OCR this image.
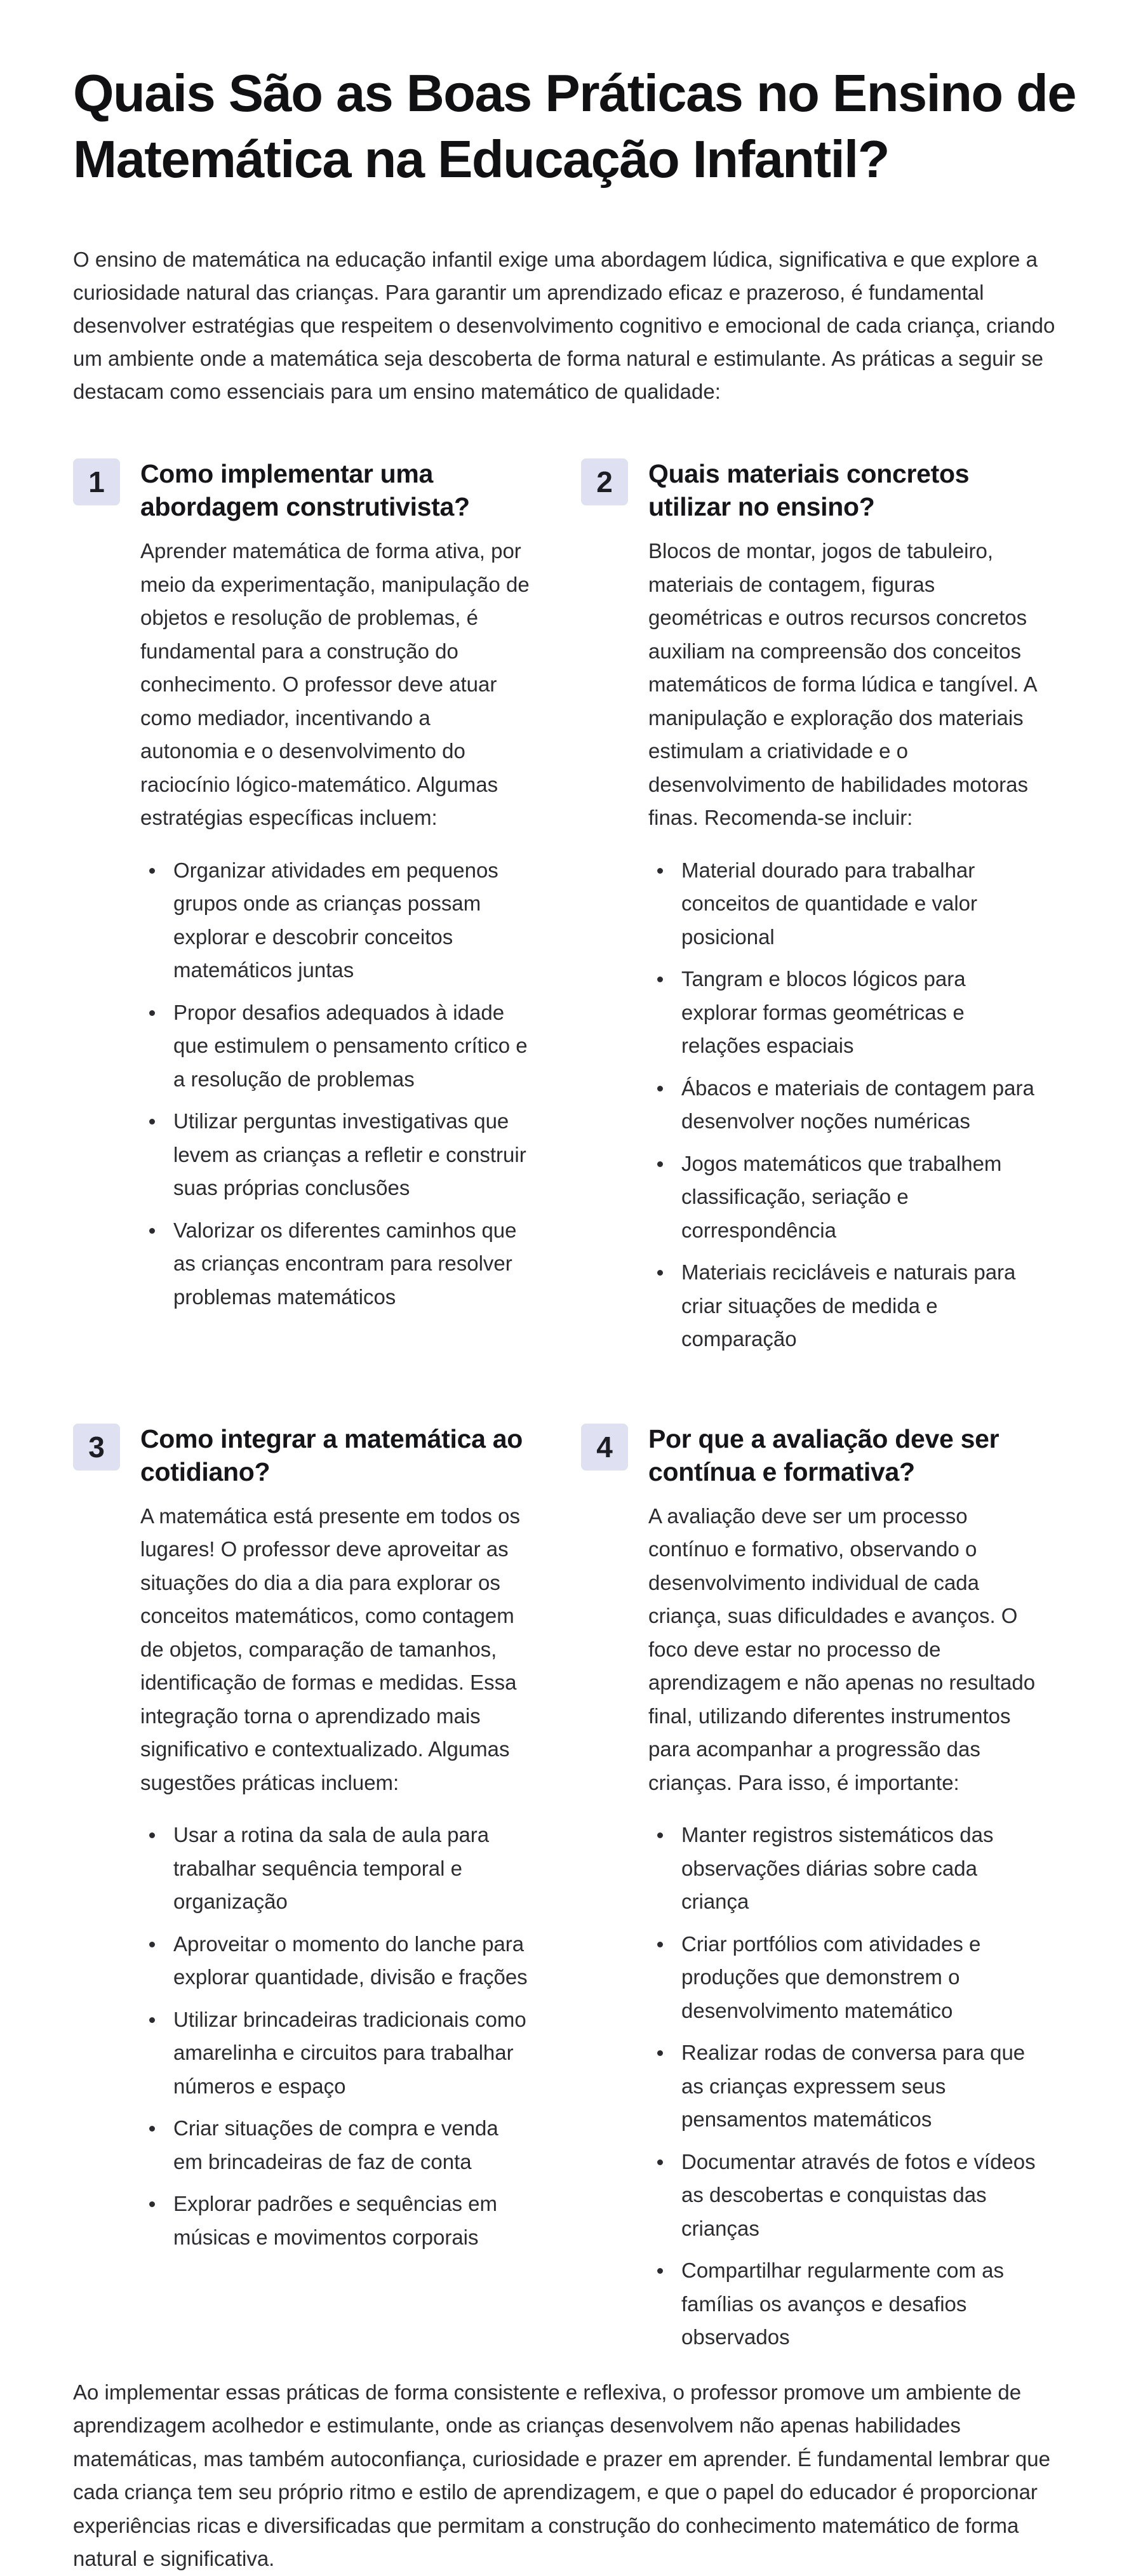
Quais São as Boas Práticas no Ensino de Matemática na Educação Infantil?

O ensino de matemática na educação infantil exige uma abordagem lúdica, significativa e que explore a curiosidade natural das crianças. Para garantir um aprendizado eficaz e prazeroso, é fundamental desenvolver estratégias que respeitem o desenvolvimento cognitivo e emocional de cada criança, criando um ambiente onde a matemática seja descoberta de forma natural e estimulante. As práticas a seguir se destacam como essenciais para um ensino matemático de qualidade:

1	Como implementar uma abordagem construtivista?

Aprender matemática de forma ativa, por meio da experimentação, manipulação de objetos e resolução de problemas, é fundamental para a construção do conhecimento. O professor deve atuar como mediador, incentivando a autonomia e o desenvolvimento do raciocínio lógico-matemático. Algumas estratégias específicas incluem:

Organizar atividades em pequenos grupos onde as crianças possam explorar e descobrir conceitos matemáticos juntas
Propor desafios adequados à idade que estimulem o pensamento crítico e a resolução de problemas
Utilizar perguntas investigativas que levem as crianças a refletir e construir suas próprias conclusões
Valorizar os diferentes caminhos que as crianças encontram para resolver problemas matemáticos
2	Quais materiais concretos utilizar no ensino?

Blocos de montar, jogos de tabuleiro, materiais de contagem, figuras geométricas e outros recursos concretos auxiliam na compreensão dos conceitos matemáticos de forma lúdica e tangível. A manipulação e exploração dos materiais estimulam a criatividade e o desenvolvimento de habilidades motoras finas. Recomenda-se incluir:

Material dourado para trabalhar conceitos de quantidade e valor posicional
Tangram e blocos lógicos para explorar formas geométricas e relações espaciais
Ábacos e materiais de contagem para desenvolver noções numéricas
Jogos matemáticos que trabalhem classificação, seriação e correspondência
Materiais recicláveis e naturais para criar situações de medida e comparação
3	Como integrar a matemática ao cotidiano?

A matemática está presente em todos os lugares! O professor deve aproveitar as situações do dia a dia para explorar os conceitos matemáticos, como contagem de objetos, comparação de tamanhos, identificação de formas e medidas. Essa integração torna o aprendizado mais significativo e contextualizado. Algumas sugestões práticas incluem:

Usar a rotina da sala de aula para trabalhar sequência temporal e organização
Aproveitar o momento do lanche para explorar quantidade, divisão e frações
Utilizar brincadeiras tradicionais como amarelinha e circuitos para trabalhar números e espaço
Criar situações de compra e venda em brincadeiras de faz de conta
Explorar padrões e sequências em músicas e movimentos corporais
4	Por que a avaliação deve ser contínua e formativa?

A avaliação deve ser um processo contínuo e formativo, observando o desenvolvimento individual de cada criança, suas dificuldades e avanços. O foco deve estar no processo de aprendizagem e não apenas no resultado final, utilizando diferentes instrumentos para acompanhar a progressão das crianças. Para isso, é importante:

Manter registros sistemáticos das observações diárias sobre cada criança
Criar portfólios com atividades e produções que demonstrem o desenvolvimento matemático
Realizar rodas de conversa para que as crianças expressem seus pensamentos matemáticos
Documentar através de fotos e vídeos as descobertas e conquistas das crianças
Compartilhar regularmente com as famílias os avanços e desafios observados

Ao implementar essas práticas de forma consistente e reflexiva, o professor promove um ambiente de aprendizagem acolhedor e estimulante, onde as crianças desenvolvem não apenas habilidades matemáticas, mas também autoconfiança, curiosidade e prazer em aprender. É fundamental lembrar que cada criança tem seu próprio ritmo e estilo de aprendizagem, e que o papel do educador é proporcionar experiências ricas e diversificadas que permitam a construção do conhecimento matemático de forma natural e significativa.
